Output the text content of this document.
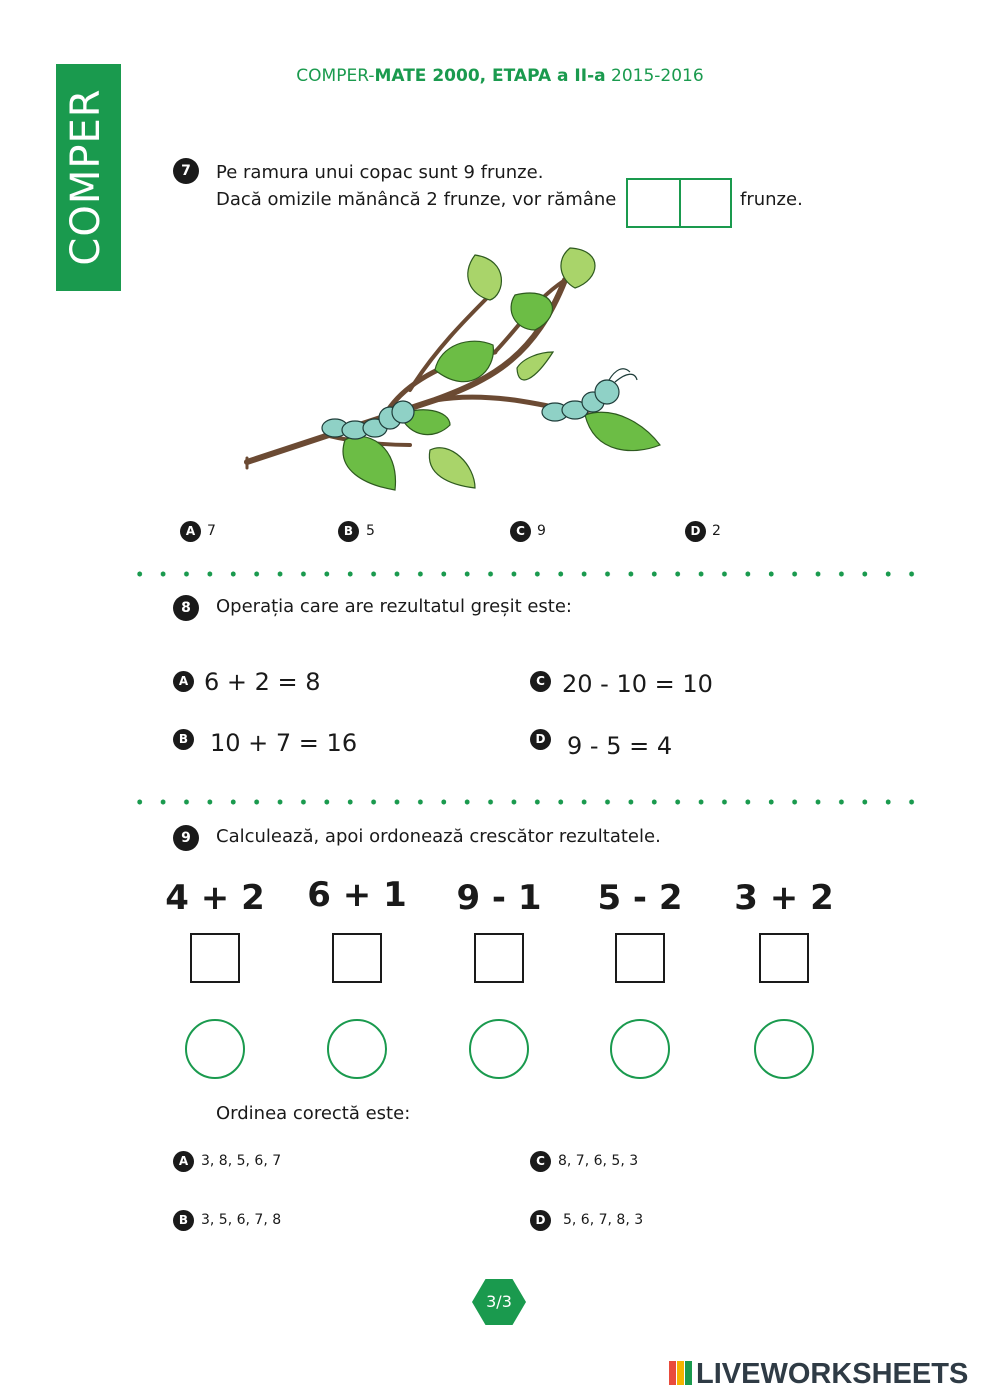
COMPER
COMPER-MATE 2000, ETAPA a II-a 2015-2016
7	Pe ramura unui copac sunt 9 frunze.
Dacă omizile mănâncă 2 frunze, vor rămâne	frunze.
A 7	B 5	C 9	D 2
8	Operația care are rezultatul greșit este:
A 6 + 2 = 8
B 10 + 7 = 16
C 20 - 10 = 10
D 9 - 5 = 4
9	Calculează, apoi ordonează crescător rezultatele.
4 + 2	6 + 1	9 - 1	5 - 2	3 + 2
Ordinea corectă este:
A 3, 8, 5, 6, 7
B 3, 5, 6, 7, 8
C 8, 7, 6, 5, 3
D	5, 6, 7, 8, 3
3/3
LIVEWORKSHEETS
